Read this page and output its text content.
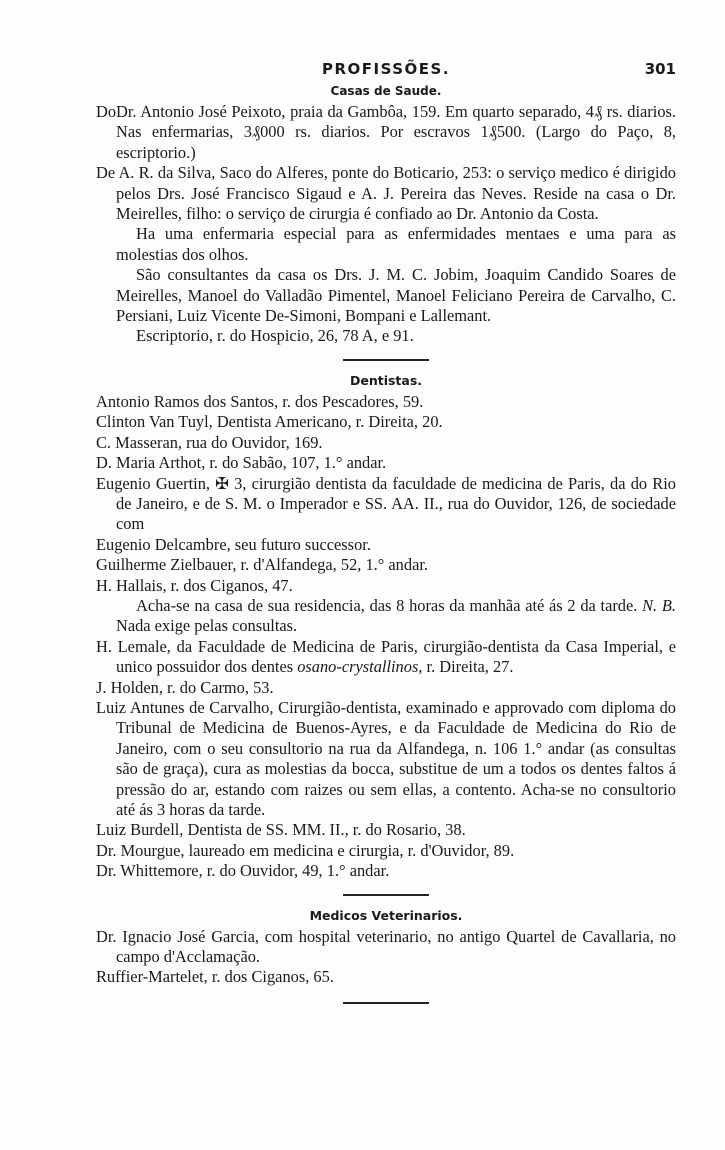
PROFISSÕES.	301
Casas de Saude.

DoDr. Antonio José Peixoto, praia da Gambôa, 159. Em quarto separado, 4₰ rs. diarios. Nas enfermarias, 3₰000 rs. diarios. Por escravos 1₰500. (Largo do Paço, 8, escriptorio.)

De A. R. da Silva, Saco do Alferes, ponte do Boticario, 253: o serviço medico é dirigido pelos Drs. José Francisco Sigaud e A. J. Pereira das Neves. Reside na casa o Dr. Meirelles, filho: o serviço de cirurgia é confiado ao Dr. Antonio da Costa.

Ha uma enfermaria especial para as enfermidades mentaes e uma para as molestias dos olhos.

São consultantes da casa os Drs. J. M. C. Jobim, Joaquim Candido Soares de Meirelles, Manoel do Valladão Pimentel, Manoel Feliciano Pereira de Carvalho, C. Persiani, Luiz Vicente De-Simoni, Bompani e Lallemant.

Escriptorio, r. do Hospicio, 26, 78 A, e 91.

Dentistas.

Antonio Ramos dos Santos, r. dos Pescadores, 59.

Clinton Van Tuyl, Dentista Americano, r. Direita, 20.

C. Masseran, rua do Ouvidor, 169.

D. Maria Arthot, r. do Sabão, 107, 1.° andar.

Eugenio Guertin, ✠ 3, cirurgião dentista da faculdade de medicina de Paris, da do Rio de Janeiro, e de S. M. o Imperador e SS. AA. II., rua do Ouvidor, 126, de sociedade com

Eugenio Delcambre, seu futuro successor.

Guilherme Zielbauer, r. d'Alfandega, 52, 1.° andar.

H. Hallais, r. dos Ciganos, 47.

Acha-se na casa de sua residencia, das 8 horas da manhãa até ás 2 da tarde. N. B. Nada exige pelas consultas.

H. Lemale, da Faculdade de Medicina de Paris, cirurgião-dentista da Casa Imperial, e unico possuidor dos dentes osano-crystallinos, r. Direita, 27.

J. Holden, r. do Carmo, 53.

Luiz Antunes de Carvalho, Cirurgião-dentista, examinado e approvado com diploma do Tribunal de Medicina de Buenos-Ayres, e da Faculdade de Medicina do Rio de Janeiro, com o seu consultorio na rua da Alfandega, n. 106 1.° andar (as consultas são de graça), cura as molestias da bocca, substitue de um a todos os dentes faltos á pressão do ar, estando com raizes ou sem ellas, a contento. Acha-se no consultorio até ás 3 horas da tarde.

Luiz Burdell, Dentista de SS. MM. II., r. do Rosario, 38.

Dr. Mourgue, laureado em medicina e cirurgia, r. d'Ouvidor, 89.

Dr. Whittemore, r. do Ouvidor, 49, 1.° andar.

Medicos Veterinarios.

Dr. Ignacio José Garcia, com hospital veterinario, no antigo Quartel de Cavallaria, no campo d'Acclamação.

Ruffier-Martelet, r. dos Ciganos, 65.
